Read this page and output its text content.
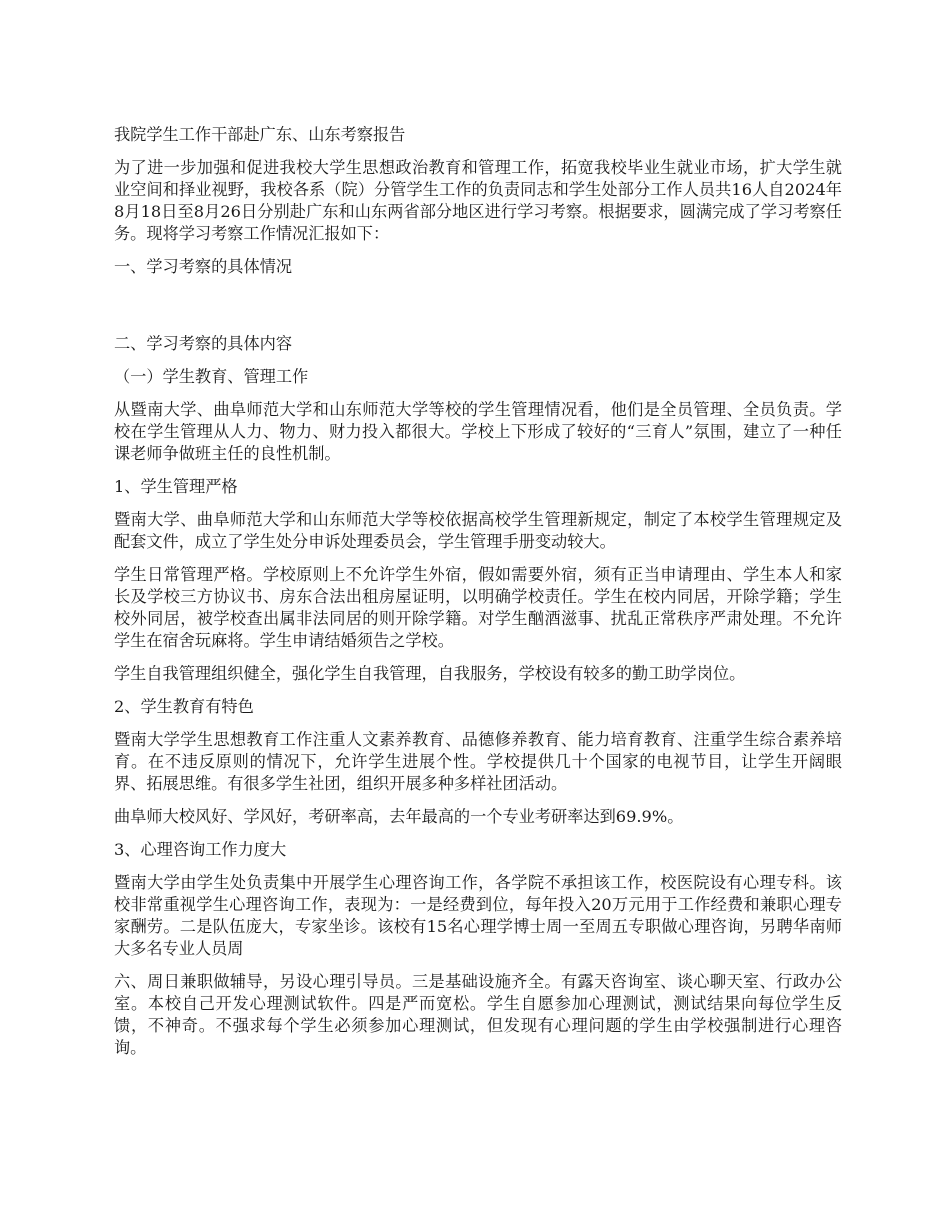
我院学生工作干部赴广东、山东考察报告

为了进一步加强和促进我校大学生思想政治教育和管理工作，拓宽我校毕业生就业市场，扩大学生就业空间和择业视野，我校各系（院）分管学生工作的负责同志和学生处部分工作人员共16人自2024年8月18日至8月26日分别赴广东和山东两省部分地区进行学习考察。根据要求，圆满完成了学习考察任务。现将学习考察工作情况汇报如下：

一、学习考察的具体情况

二、学习考察的具体内容

（一）学生教育、管理工作

从暨南大学、曲阜师范大学和山东师范大学等校的学生管理情况看，他们是全员管理、全员负责。学校在学生管理从人力、物力、财力投入都很大。学校上下形成了较好的“三育人”氛围，建立了一种任课老师争做班主任的良性机制。

1、学生管理严格

暨南大学、曲阜师范大学和山东师范大学等校依据高校学生管理新规定，制定了本校学生管理规定及配套文件，成立了学生处分申诉处理委员会，学生管理手册变动较大。

学生日常管理严格。学校原则上不允许学生外宿，假如需要外宿，须有正当申请理由、学生本人和家长及学校三方协议书、房东合法出租房屋证明，以明确学校责任。学生在校内同居，开除学籍；学生校外同居，被学校查出属非法同居的则开除学籍。对学生酗酒滋事、扰乱正常秩序严肃处理。不允许学生在宿舍玩麻将。学生申请结婚须告之学校。

学生自我管理组织健全，强化学生自我管理，自我服务，学校设有较多的勤工助学岗位。

2、学生教育有特色

暨南大学学生思想教育工作注重人文素养教育、品德修养教育、能力培育教育、注重学生综合素养培育。在不违反原则的情况下，允许学生进展个性。学校提供几十个国家的电视节目，让学生开阔眼界、拓展思维。有很多学生社团，组织开展多种多样社团活动。

曲阜师大校风好、学风好，考研率高，去年最高的一个专业考研率达到69.9%。

3、心理咨询工作力度大

暨南大学由学生处负责集中开展学生心理咨询工作，各学院不承担该工作，校医院设有心理专科。该校非常重视学生心理咨询工作，表现为：一是经费到位，每年投入20万元用于工作经费和兼职心理专家酬劳。二是队伍庞大，专家坐诊。该校有15名心理学博士周一至周五专职做心理咨询，另聘华南师大多名专业人员周

六、周日兼职做辅导，另设心理引导员。三是基础设施齐全。有露天咨询室、谈心聊天室、行政办公室。本校自己开发心理测试软件。四是严而宽松。学生自愿参加心理测试，测试结果向每位学生反馈，不神奇。不强求每个学生必须参加心理测试，但发现有心理问题的学生由学校强制进行心理咨询。
